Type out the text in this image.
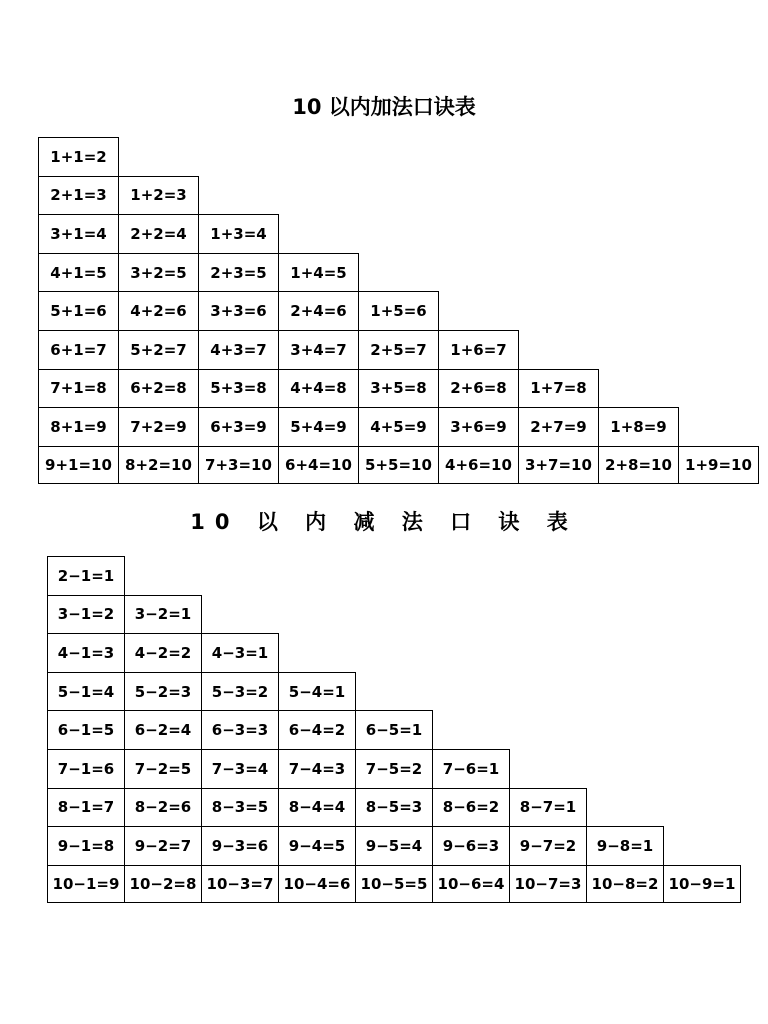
10 以内加法口诀表
1+1=2
2+1=3	1+2=3
3+1=4	2+2=4	1+3=4
4+1=5	3+2=5	2+3=5	1+4=5
5+1=6	4+2=6	3+3=6	2+4=6	1+5=6
6+1=7	5+2=7	4+3=7	3+4=7	2+5=7	1+6=7
7+1=8	6+2=8	5+3=8	4+4=8	3+5=8	2+6=8	1+7=8
8+1=9	7+2=9	6+3=9	5+4=9	4+5=9	3+6=9	2+7=9	1+8=9
9+1=10 8+2=10 7+3=10 6+4=10 5+5=10 4+6=10 3+7=10 2+8=10 1+9=10
10 以 内 减 法 口 诀 表
2−1=1
3−1=2	3−2=1
4−1=3	4−2=2	4−3=1
5−1=4	5−2=3	5−3=2	5−4=1
6−1=5	6−2=4	6−3=3	6−4=2	6−5=1
7−1=6	7−2=5	7−3=4	7−4=3	7−5=2	7−6=1
8−1=7	8−2=6	8−3=5	8−4=4	8−5=3	8−6=2	8−7=1
9−1=8	9−2=7	9−3=6	9−4=5	9−5=4	9−6=3	9−7=2	9−8=1
10−1=9 10−2=8 10−3=7 10−4=6 10−5=5 10−6=4 10−7=3 10−8=2 10−9=1
